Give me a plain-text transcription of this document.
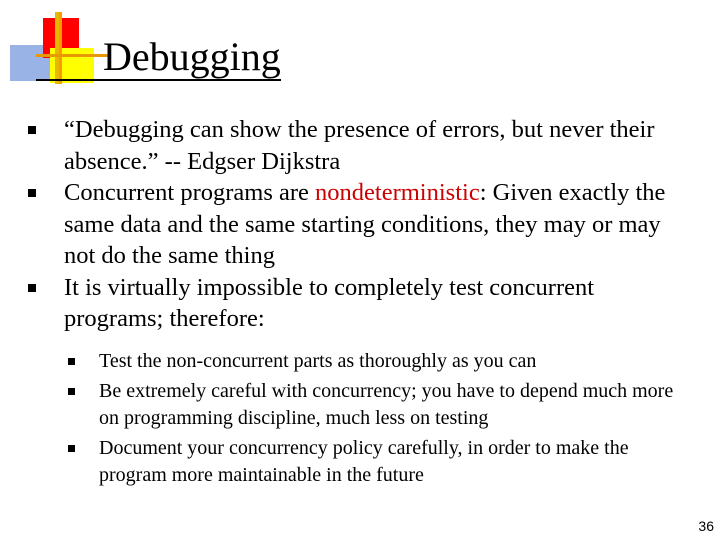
Debugging
“Debugging can show the presence of errors, but never their absence.” -- Edgser Dijkstra
Concurrent programs are nondeterministic: Given exactly the same data and the same starting conditions, they may or may not do the same thing
It is virtually impossible to completely test concurrent programs; therefore:
Test the non-concurrent parts as thoroughly as you can
Be extremely careful with concurrency; you have to depend much more on programming discipline, much less on testing
Document your concurrency policy carefully, in order to make the program more maintainable in the future
36
